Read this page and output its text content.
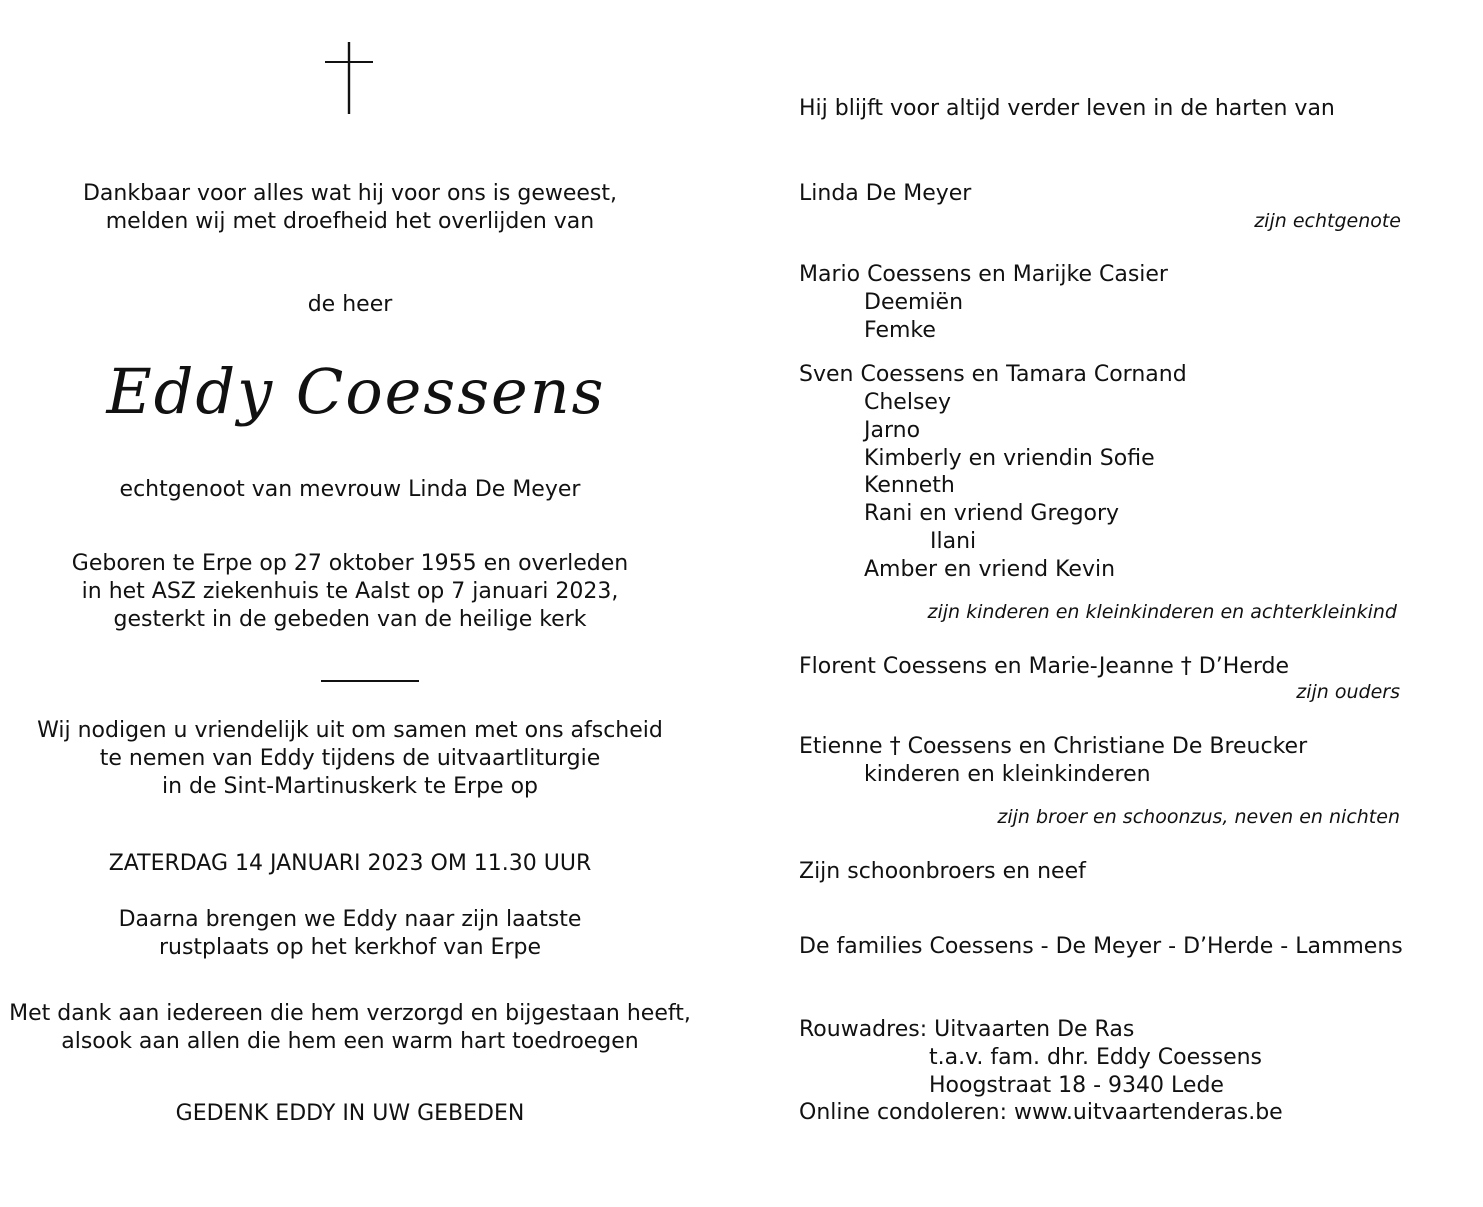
Dankbaar voor alles wat hij voor ons is geweest,
melden wij met droefheid het overlijden van
de heer
Eddy Coessens
echtgenoot van mevrouw Linda De Meyer
Geboren te Erpe op 27 oktober 1955 en overleden
in het ASZ ziekenhuis te Aalst op 7 januari 2023,
gesterkt in de gebeden van de heilige kerk
Wij nodigen u vriendelijk uit om samen met ons afscheid
te nemen van Eddy tijdens de uitvaartliturgie
in de Sint-Martinuskerk te Erpe op
ZATERDAG 14 JANUARI 2023 OM 11.30 UUR
Daarna brengen we Eddy naar zijn laatste
rustplaats op het kerkhof van Erpe
Met dank aan iedereen die hem verzorgd en bijgestaan heeft,
alsook aan allen die hem een warm hart toedroegen
GEDENK EDDY IN UW GEBEDEN
Hij blijft voor altijd verder leven in de harten van
Linda De Meyer
zijn echtgenote
Mario Coessens en Marijke Casier
Deemiën
Femke
Sven Coessens en Tamara Cornand
Chelsey
Jarno
Kimberly en vriendin Sofie
Kenneth
Rani en vriend Gregory
Ilani
Amber en vriend Kevin
zijn kinderen en kleinkinderen en achterkleinkind
Florent Coessens en Marie-Jeanne † D’Herde
zijn ouders
Etienne † Coessens en Christiane De Breucker
kinderen en kleinkinderen
zijn broer en schoonzus, neven en nichten
Zijn schoonbroers en neef
De families Coessens - De Meyer - D’Herde - Lammens
Rouwadres: Uitvaarten De Ras
t.a.v. fam. dhr. Eddy Coessens
Hoogstraat 18 - 9340 Lede
Online condoleren: www.uitvaartenderas.be
